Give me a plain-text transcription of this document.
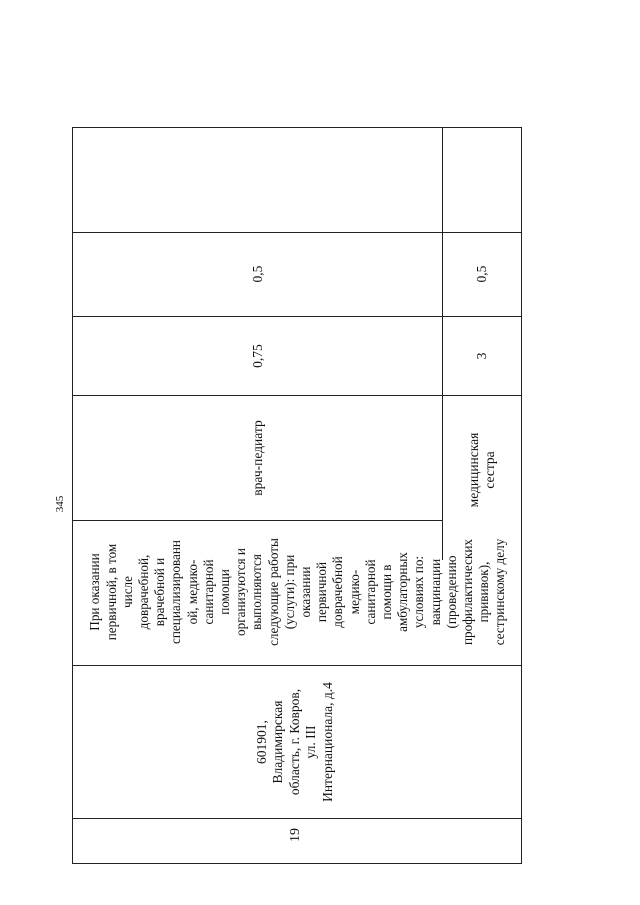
345
19
601901,
Владимирская
область, г. Ковров,
ул. III
Интернационала, д.4
При оказании
первичной, в том
числе
доврачебной,
врачебной и
специализированн
ой, медико-
санитарной
помощи
организуются и
выполняются
следующие работы
(услуги): при
оказании
первичной
доврачебной
медико-
санитарной
помощи в
амбулаторных
условиях по:
вакцинации
(проведению
профилактических
прививок),
сестринскому делу
врач-педиатр
0,75
0,5
медицинская
сестра
3
0,5
